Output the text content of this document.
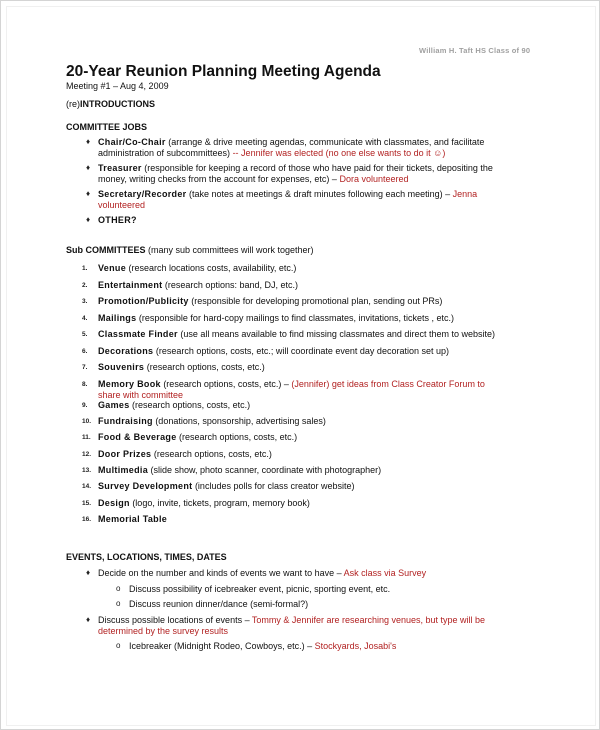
William H. Taft HS Class of 90
20-Year Reunion Planning Meeting Agenda
Meeting #1 – Aug 4, 2009
(re)INTRODUCTIONS
COMMITTEE JOBS
♦ Chair/Co-Chair (arrange & drive meeting agendas, communicate with classmates, and facilitate
administration of subcommittees) -- Jennifer was elected (no one else wants to do it ☺)
♦ Treasurer (responsible for keeping a record of those who have paid for their tickets, depositing the
money, writing checks from the account for expenses, etc) – Dora volunteered
♦ Secretary/Recorder (take notes at meetings & draft minutes following each meeting) – Jenna
volunteered
♦ OTHER?
Sub COMMITTEES (many sub committees will work together)
1. Venue (research locations costs, availability, etc.)
2. Entertainment (research options: band, DJ, etc.)
3. Promotion/Publicity (responsible for developing promotional plan, sending out PRs)
4. Mailings (responsible for hard-copy mailings to find classmates, invitations, tickets , etc.)
5. Classmate Finder (use all means available to find missing classmates and direct them to website)
6. Decorations (research options, costs, etc.; will coordinate event day decoration set up)
7. Souvenirs (research options, costs, etc.)
8. Memory Book (research options, costs, etc.) – (Jennifer) get ideas from Class Creator Forum to
share with committee
9. Games (research options, costs, etc.)
10. Fundraising (donations, sponsorship, advertising sales)
11. Food & Beverage (research options, costs, etc.)
12. Door Prizes (research options, costs, etc.)
13. Multimedia (slide show, photo scanner, coordinate with photographer)
14. Survey Development (includes polls for class creator website)
15. Design (logo, invite, tickets, program, memory book)
16. Memorial Table
EVENTS, LOCATIONS, TIMES, DATES
♦ Decide on the number and kinds of events we want to have – Ask class via Survey
o Discuss possibility of icebreaker event, picnic, sporting event, etc.
o Discuss reunion dinner/dance (semi-formal?)
♦ Discuss possible locations of events – Tommy & Jennifer are researching venues, but type will be
determined by the survey results
o Icebreaker (Midnight Rodeo, Cowboys, etc.) – Stockyards, Josabi's
